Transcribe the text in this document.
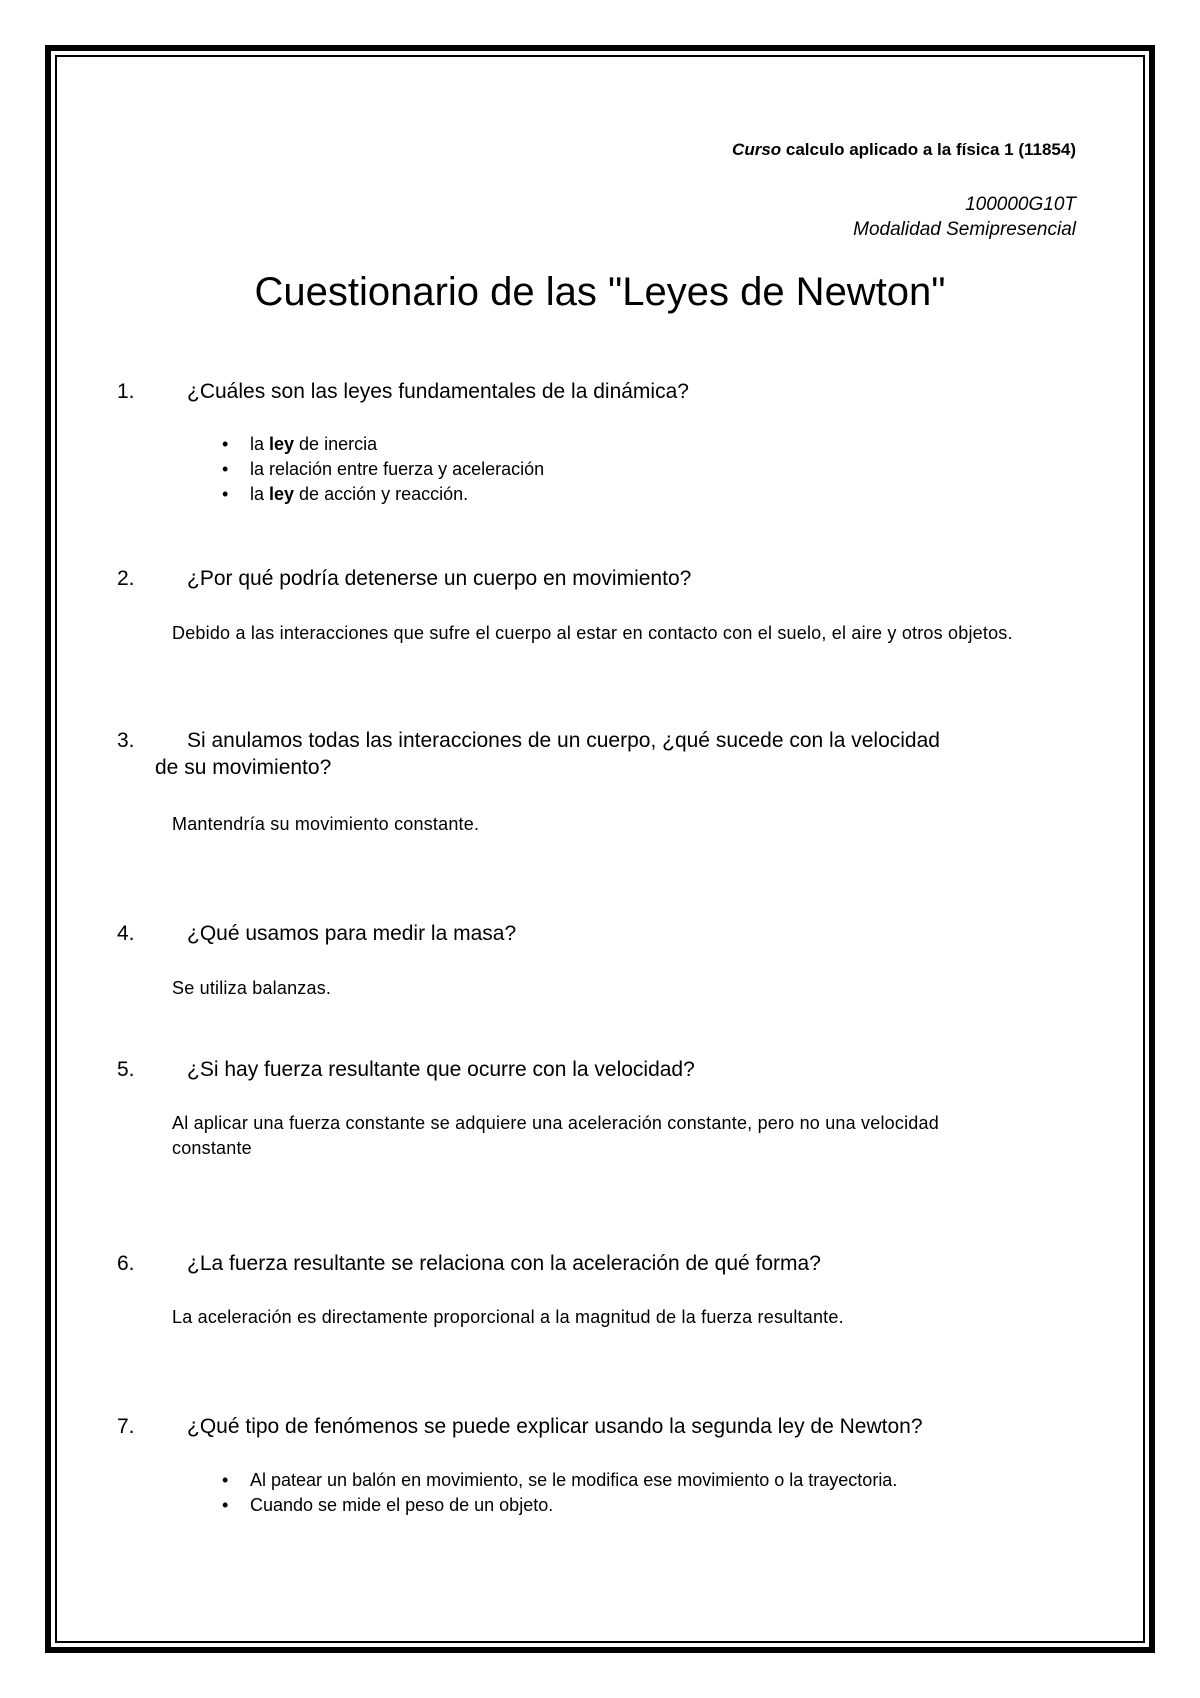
Curso calculo aplicado a la física 1 (11854)
100000G10T
Modalidad Semipresencial
Cuestionario de las "Leyes de Newton"
1. ¿Cuáles son las leyes fundamentales de la dinámica?
• la ley de inercia
• la relación entre fuerza y aceleración
• la ley de acción y reacción.
2. ¿Por qué podría detenerse un cuerpo en movimiento?
Debido a las interacciones que sufre el cuerpo al estar en contacto con el suelo, el aire y otros objetos.
3. Si anulamos todas las interacciones de un cuerpo, ¿qué sucede con la velocidad
de su movimiento?
Mantendría su movimiento constante.
4. ¿Qué usamos para medir la masa?
Se utiliza balanzas.
5. ¿Si hay fuerza resultante que ocurre con la velocidad?
Al aplicar una fuerza constante se adquiere una aceleración constante, pero no una velocidad constante
6. ¿La fuerza resultante se relaciona con la aceleración de qué forma?
La aceleración es directamente proporcional a la magnitud de la fuerza resultante.
7. ¿Qué tipo de fenómenos se puede explicar usando la segunda ley de Newton?
• Al patear un balón en movimiento, se le modifica ese movimiento o la trayectoria.
• Cuando se mide el peso de un objeto.
